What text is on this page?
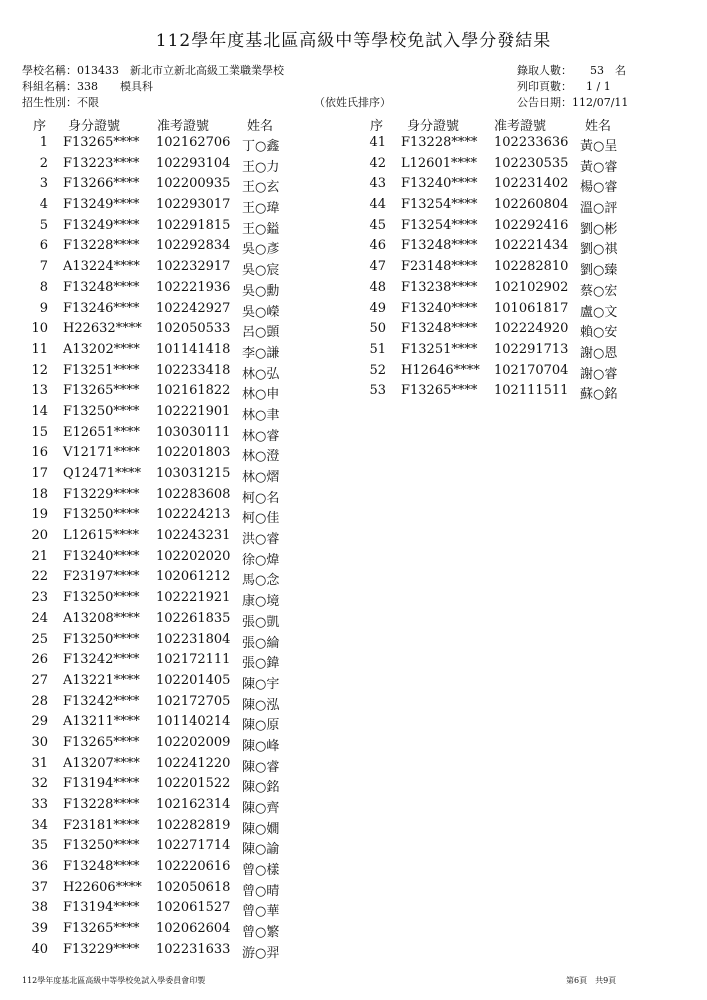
112學年度基北區高級中等學校免試入學分發結果
學校名稱：013433　新北市立新北高級工業職業學校
科組名稱：338　　模具科
招生性別：不限	（依姓氏排序）
錄取人數： 53　名
列印頁數： 1 / 1
公告日期：112/07/11
序 身分證號	准考證號	姓名	序 身分證號	准考證號	姓名
1 F13265**** 102162706 丁○鑫
2 F13223**** 102293104 王○力
3 F13266**** 102200935 王○玄
4 F13249**** 102293017 王○瑋
5 F13249**** 102291815 王○鎰
6 F13228**** 102292834 吳○彥
7 A13224**** 102232917 吳○宸
8 F13248**** 102221936 吳○勳
9 F13246**** 102242927 吳○嶸
10 H22632**** 102050533 呂○顗
11 A13202**** 101141418 李○謙
12 F13251**** 102233418 林○弘
13 F13265**** 102161822 林○申
14 F13250**** 102221901 林○聿
15 E12651**** 103030111 林○睿
16 V12171**** 102201803 林○澄
17 Q12471**** 103031215 林○熠
18 F13229**** 102283608 柯○名
19 F13250**** 102224213 柯○佳
20 L12615**** 102243231 洪○睿
21 F13240**** 102202020 徐○煒
22 F23197**** 102061212 馬○念
23 F13250**** 102221921 康○境
24 A13208**** 102261835 張○凱
25 F13250**** 102231804 張○綸
26 F13242**** 102172111 張○鍏
27 A13221**** 102201405 陳○宇
28 F13242**** 102172705 陳○泓
29 A13211**** 101140214 陳○原
30 F13265**** 102202009 陳○峰
31 A13207**** 102241220 陳○睿
32 F13194**** 102201522 陳○銘
33 F13228**** 102162314 陳○齊
34 F23181**** 102282819 陳○嫺
35 F13250**** 102271714 陳○諭
36 F13248**** 102220616 曾○樣
37 H22606**** 102050618 曾○晴
38 F13194**** 102061527 曾○華
39 F13265**** 102062604 曾○繁
40 F13229**** 102231633 游○羿
41 F13228**** 102233636 黃○呈
42 L12601**** 102230535 黃○睿
43 F13240**** 102231402 楊○睿
44 F13254**** 102260804 溫○評
45 F13254**** 102292416 劉○彬
46 F13248**** 102221434 劉○祺
47 F23148**** 102282810 劉○臻
48 F13238**** 102102902 蔡○宏
49 F13240**** 101061817 盧○文
50 F13248**** 102224920 賴○安
51 F13251**** 102291713 謝○恩
52 H12646**** 102170704 謝○睿
53 F13265**** 102111511 蘇○銘
112學年度基北區高級中等學校免試入學委員會印製	第6頁　共9頁
